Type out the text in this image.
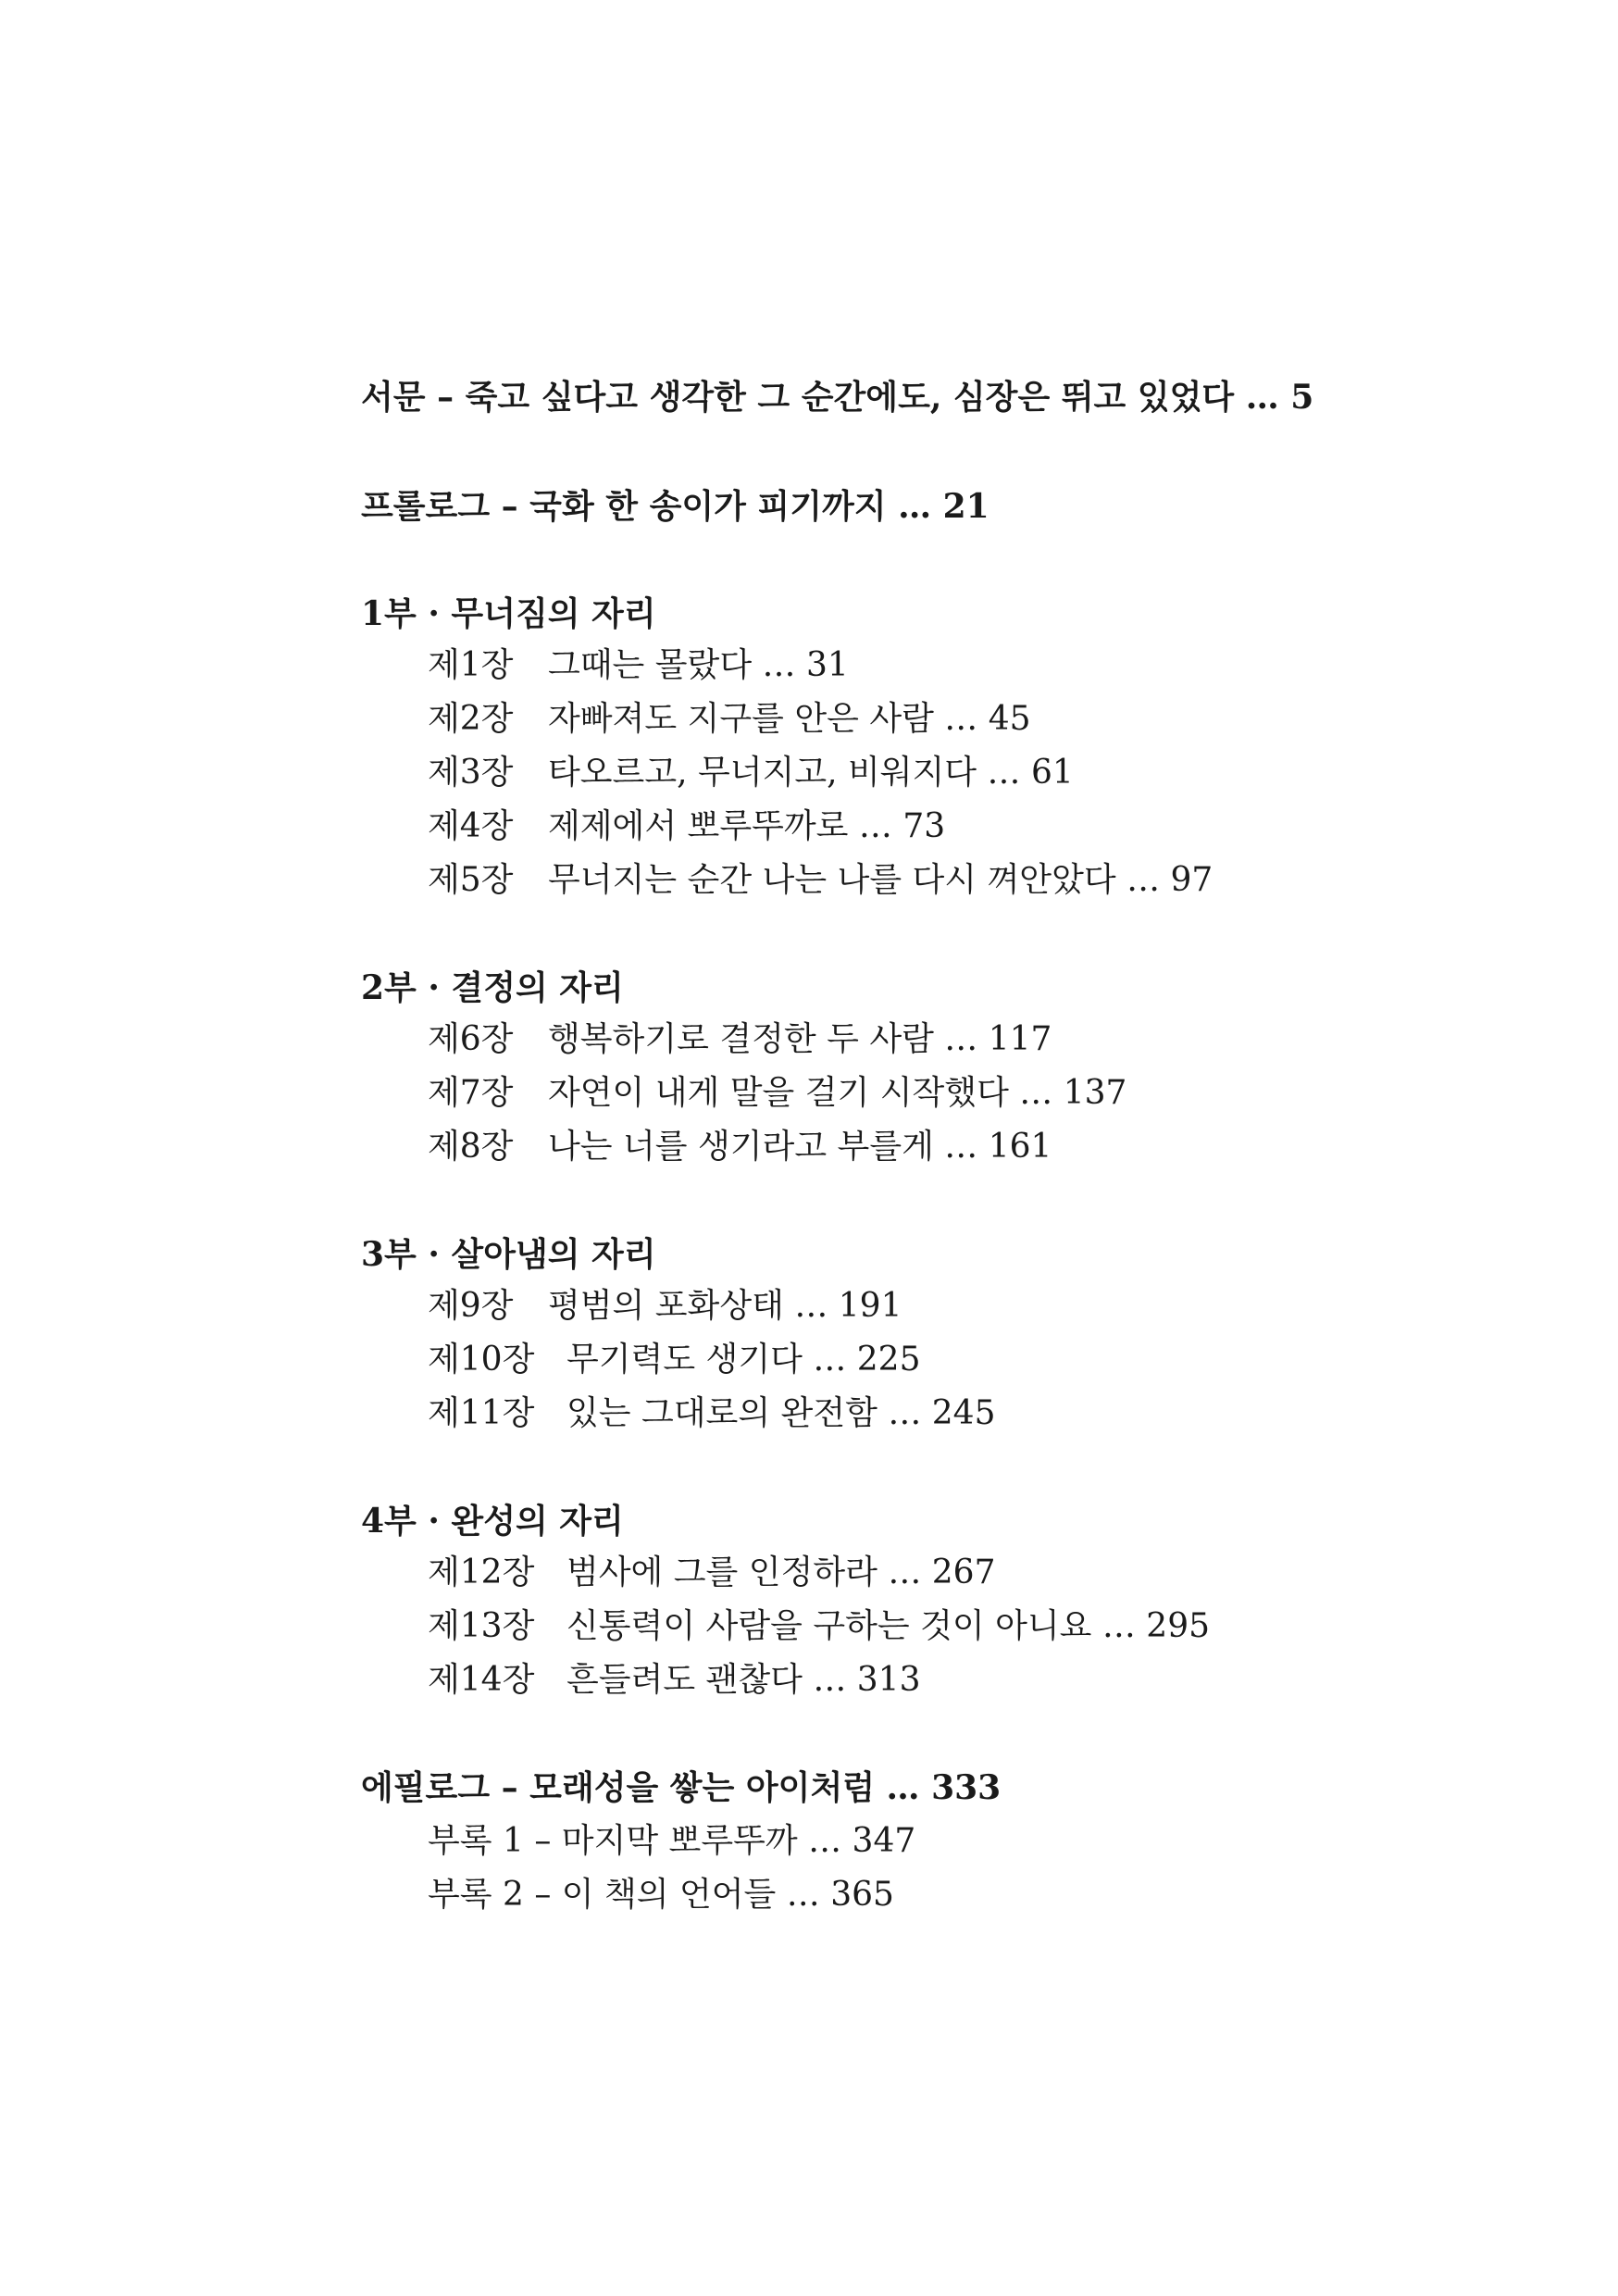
서문 – 죽고 싶다고 생각한 그 순간에도, 심장은 뛰고 있었다 … 5
프롤로그 – 국화 한 송이가 피기까지 … 21
1부 · 무너짐의 자리
제1장 그때는 몰랐다 … 31
제2장 자빠져도 지구를 안은 사람 … 45
제3장 타오르고, 무너지고, 비워지다 … 61
제4장 제제에서 뽀루뚜까로 … 73
제5장 무너지는 순간 나는 나를 다시 껴안았다 … 97
2부 · 결정의 자리
제6장 행복하기로 결정한 두 사람 … 117
제7장 자연이 내게 말을 걸기 시작했다 … 137
제8장 나는 너를 생기라고 부를게 … 161
3부 · 살아냄의 자리
제9장 평범의 포화상태 … 191
제10장 무기력도 생기다 … 225
제11장 있는 그대로의 완전함 … 245
4부 · 완성의 자리
제12장 범사에 그를 인정하라 … 267
제13장 신통력이 사람을 구하는 것이 아니요 … 295
제14장 흔들려도 괜찮다 … 313
에필로그 – 모래성을 쌓는 아이처럼 … 333
부록 1 – 마지막 뽀루뚜까 … 347
부록 2 – 이 책의 언어들 … 365
